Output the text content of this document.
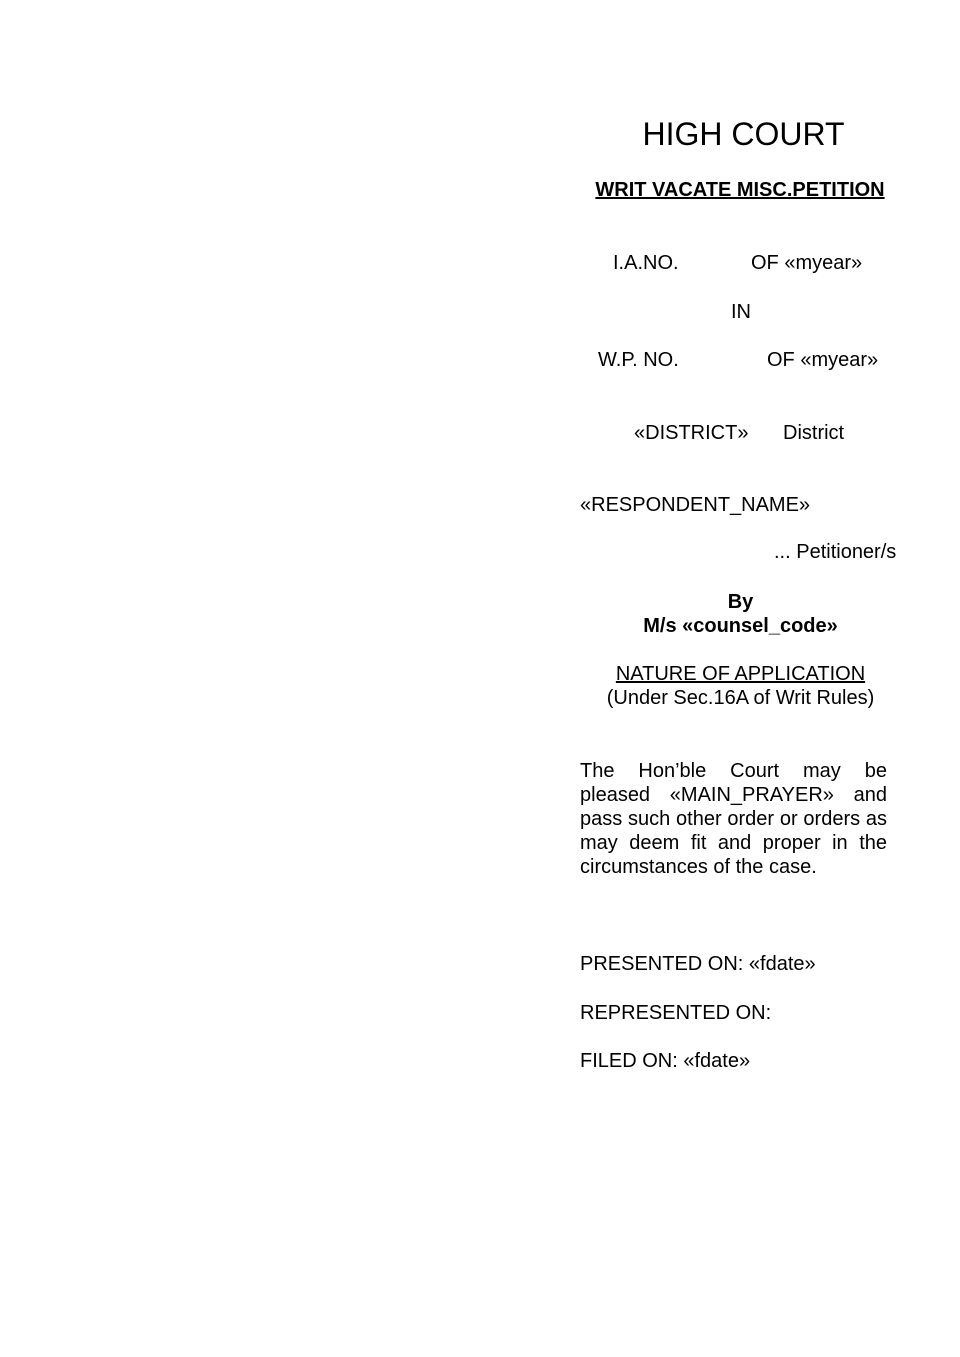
HIGH COURT
WRIT VACATE MISC.PETITION
I.A.NO.	OF «myear»
IN
W.P. NO.	OF «myear»
«DISTRICT» District
«RESPONDENT_NAME»
... Petitioner/s
By
M/s «counsel_code»
NATURE OF APPLICATION
(Under Sec.16A of Writ Rules)
The Hon’ble Court may be pleased «MAIN_PRAYER» and pass such other order or orders as may deem fit and proper in the circumstances of the case.
PRESENTED ON: «fdate»
REPRESENTED ON:
FILED ON: «fdate»
